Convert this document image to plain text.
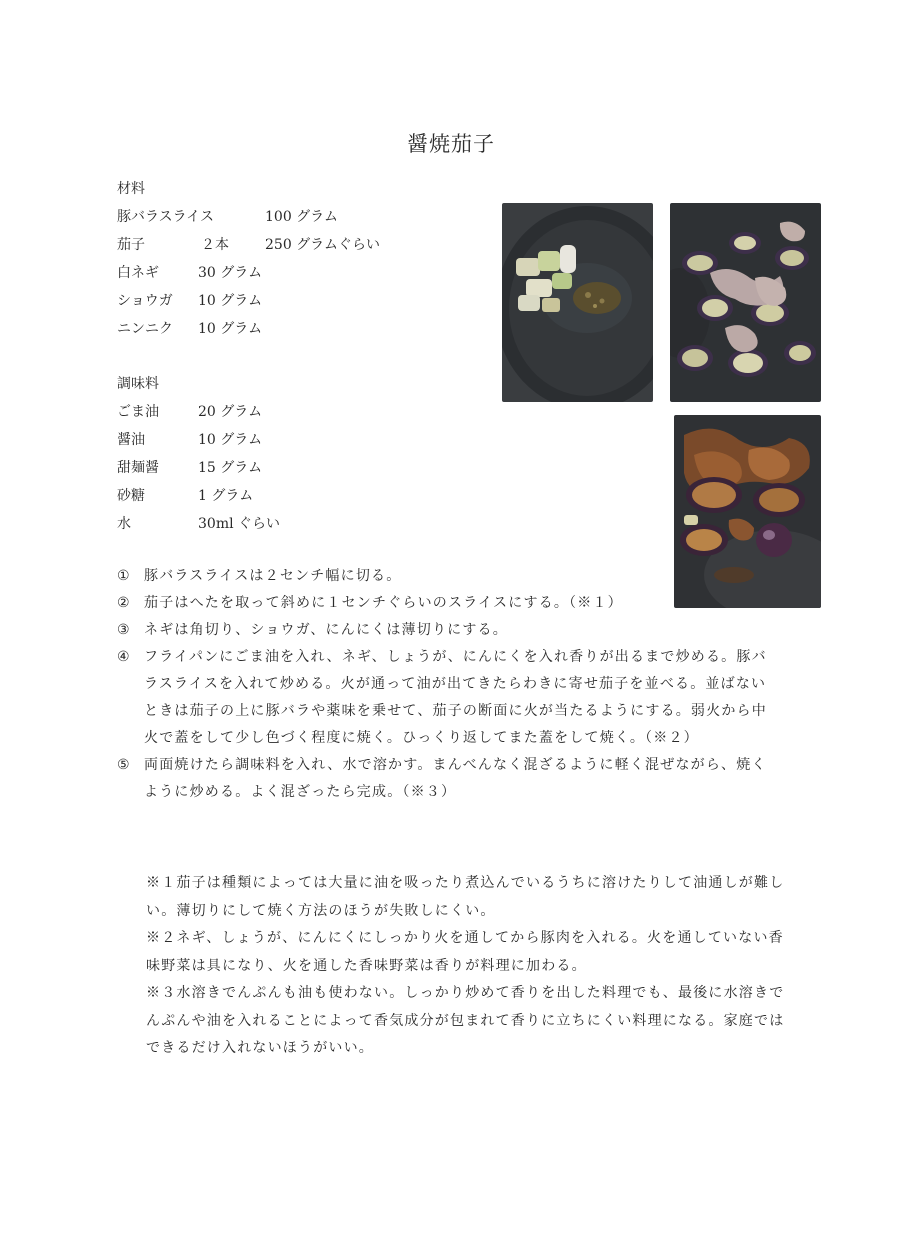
醤焼茄子
材料
豚バラスライス	100 グラム
茄子	２本	250 グラムぐらい
白ネギ	30 グラム
ショウガ 10 グラム
ニンニク 10 グラム
調味料
ごま油	20 グラム
醤油	10 グラム
甜麺醤	15 グラム
砂糖	1 グラム
水	30ml ぐらい
①	豚バラスライスは２センチ幅に切る。
②	茄子はへたを取って斜めに１センチぐらいのスライスにする。（※１）
③	ネギは角切り、ショウガ、にんにくは薄切りにする。
④	フライパンにごま油を入れ、ネギ、しょうが、にんにくを入れ香りが出るまで炒める。豚バラスライスを入れて炒める。火が通って油が出てきたらわきに寄せ茄子を並べる。並ばないときは茄子の上に豚バラや薬味を乗せて、茄子の断面に火が当たるようにする。弱火から中火で蓋をして少し色づく程度に焼く。ひっくり返してまた蓋をして焼く。（※２）
⑤	両面焼けたら調味料を入れ、水で溶かす。まんべんなく混ざるように軽く混ぜながら、焼くように炒める。よく混ざったら完成。（※３）
※１茄子は種類によっては大量に油を吸ったり煮込んでいるうちに溶けたりして油通しが難しい。薄切りにして焼く方法のほうが失敗しにくい。
※２ネギ、しょうが、にんにくにしっかり火を通してから豚肉を入れる。火を通していない香味野菜は具になり、火を通した香味野菜は香りが料理に加わる。
※３水溶きでんぷんも油も使わない。しっかり炒めて香りを出した料理でも、最後に水溶きでんぷんや油を入れることによって香気成分が包まれて香りに立ちにくい料理になる。家庭ではできるだけ入れないほうがいい。
